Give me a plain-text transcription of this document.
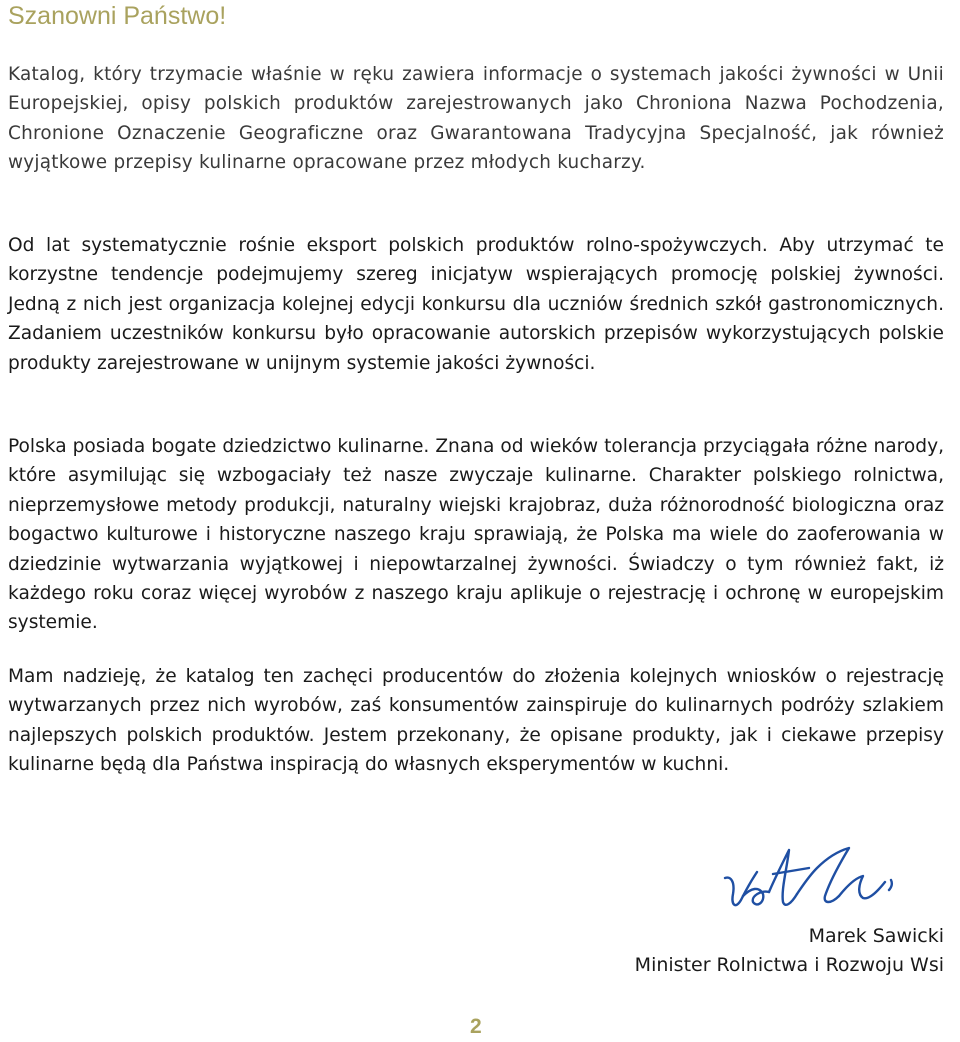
Szanowni Państwo!

Katalog, który trzymacie właśnie w ręku zawiera informacje o systemach jakości żywności w Unii Europejskiej, opisy polskich produktów zarejestrowanych jako Chroniona Nazwa Pochodzenia, Chronione Oznaczenie Geograficzne oraz Gwarantowana Tradycyjna Specjalność, jak również wyjątkowe przepisy kulinarne opracowane przez młodych kucharzy.

Od lat systematycznie rośnie eksport polskich produktów rolno-spożywczych. Aby utrzymać te korzystne tendencje podejmujemy szereg inicjatyw wspierających promocję polskiej żywności. Jedną z nich jest organizacja kolejnej edycji konkursu dla uczniów średnich szkół gastronomicznych. Zadaniem uczestników konkursu było opracowanie autorskich przepisów wykorzystujących polskie produkty zarejestrowane w unijnym systemie jakości żywności.

Polska posiada bogate dziedzictwo kulinarne. Znana od wieków tolerancja przyciągała różne narody, które asymilując się wzbogaciały też nasze zwyczaje kulinarne. Charakter polskiego rolnictwa, nieprzemysłowe metody produkcji, naturalny wiejski krajobraz, duża różnorodność biologiczna oraz bogactwo kulturowe i historyczne naszego kraju sprawiają, że Polska ma wiele do zaoferowania w dziedzinie wytwarzania wyjątkowej i niepowtarzalnej żywności. Świadczy o tym również fakt, iż każdego roku coraz więcej wyrobów z naszego kraju aplikuje o rejestrację i ochronę w europejskim systemie.

Mam nadzieję, że katalog ten zachęci producentów do złożenia kolejnych wniosków o rejestrację wytwarzanych przez nich wyrobów, zaś konsumentów zainspiruje do kulinarnych podróży szlakiem najlepszych polskich produktów. Jestem przekonany, że opisane produkty, jak i ciekawe przepisy kulinarne będą dla Państwa inspiracją do własnych eksperymentów w kuchni.

Marek Sawicki
Minister Rolnictwa i Rozwoju Wsi
2
